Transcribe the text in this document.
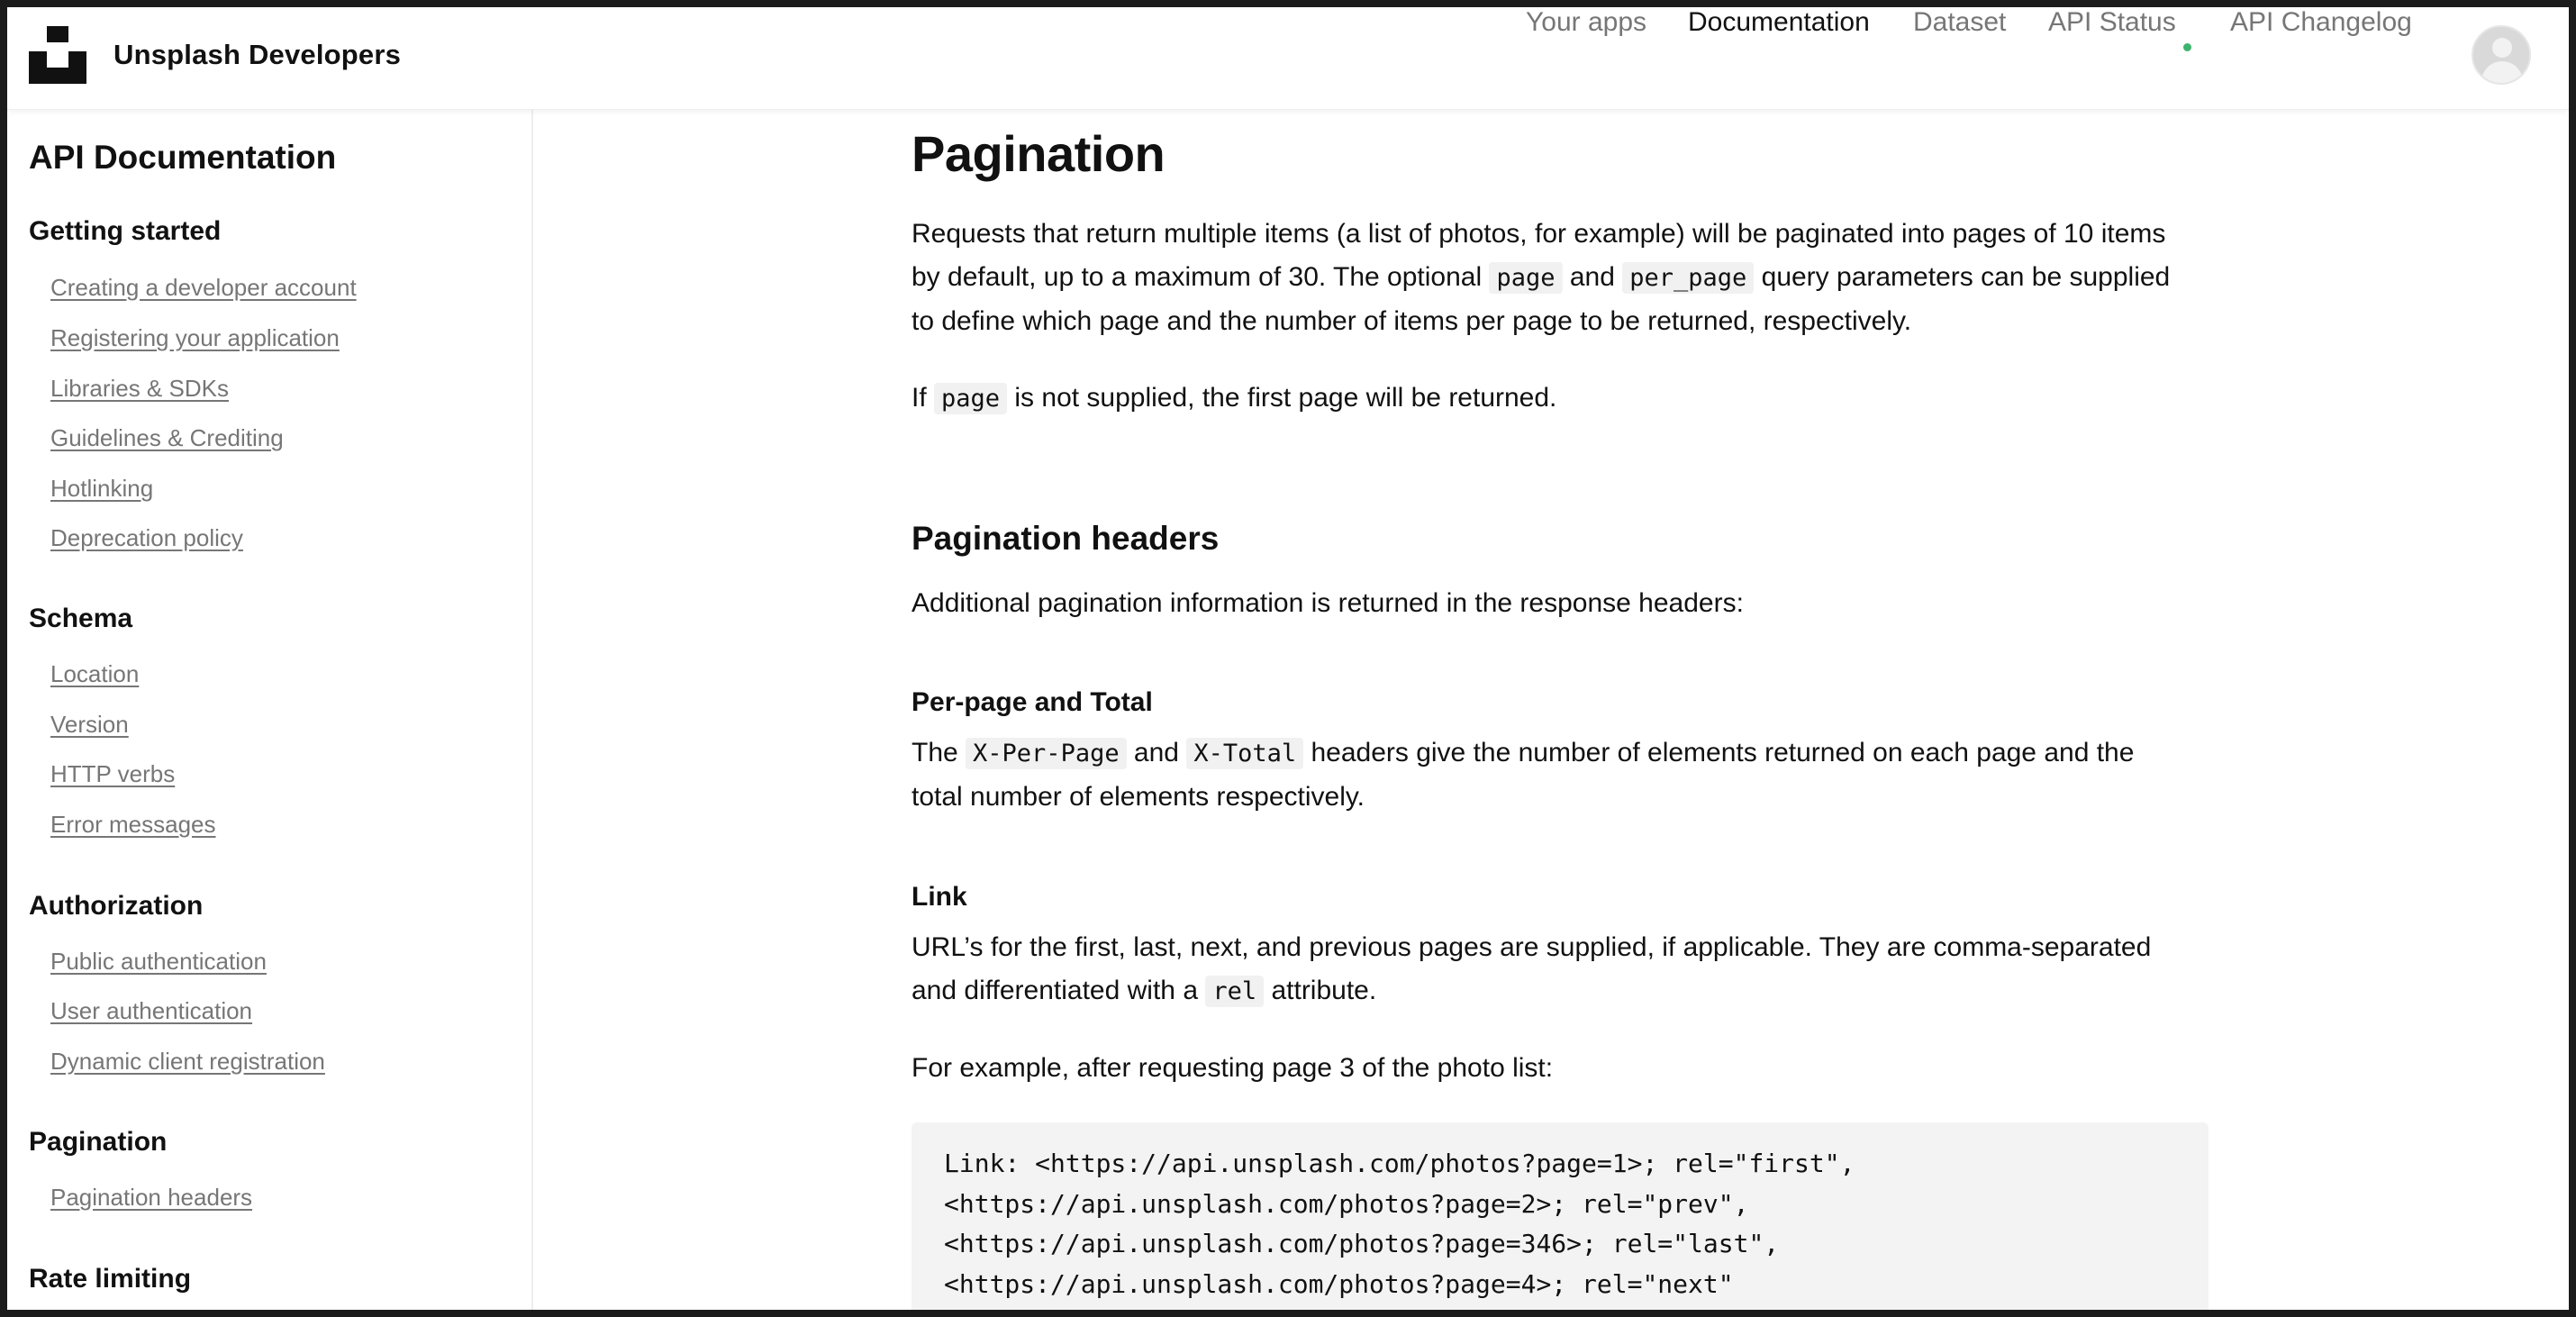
Unsplash Developers
Your apps Documentation Dataset API Status API Changelog
API Documentation
Getting started
Creating a developer account
Registering your application
Libraries & SDKs
Guidelines & Crediting
Hotlinking
Deprecation policy
Schema
Location
Version
HTTP verbs
Error messages
Authorization
Public authentication
User authentication
Dynamic client registration
Pagination
Pagination headers
Rate limiting
Pagination
Requests that return multiple items (a list of photos, for example) will be paginated into pages of 10 items
by default, up to a maximum of 30. The optional page and per_page query parameters can be supplied
to define which page and the number of items per page to be returned, respectively.
If page is not supplied, the first page will be returned.
Pagination headers
Additional pagination information is returned in the response headers:
Per-page and Total
The X-Per-Page and X-Total headers give the number of elements returned on each page and the
total number of elements respectively.
Link
URL’s for the first, last, next, and previous pages are supplied, if applicable. They are comma-separated
and differentiated with a rel attribute.
For example, after requesting page 3 of the photo list:
Link: <https://api.unsplash.com/photos?page=1>; rel="first",
<https://api.unsplash.com/photos?page=2>; rel="prev",
<https://api.unsplash.com/photos?page=346>; rel="last",
<https://api.unsplash.com/photos?page=4>; rel="next"
